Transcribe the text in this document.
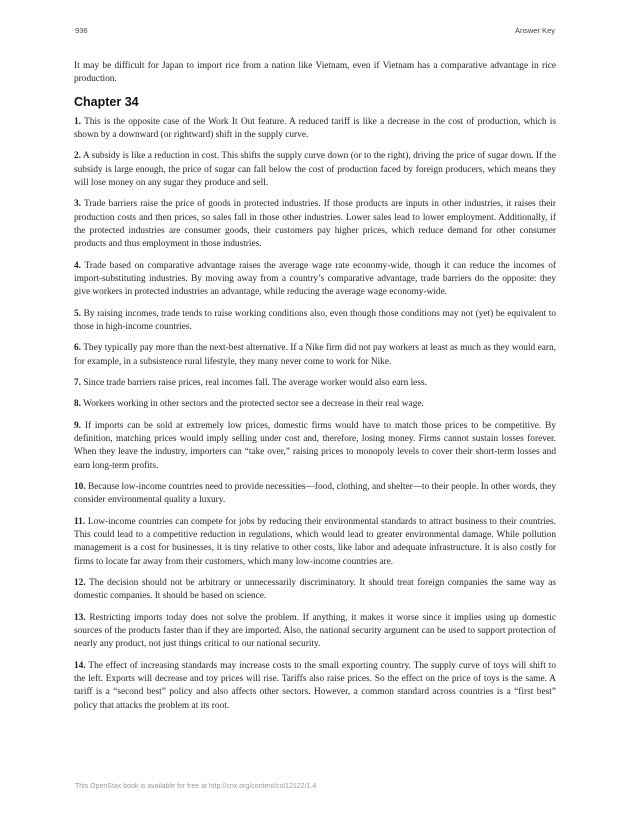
936	Answer Key

It may be difficult for Japan to import rice from a nation like Vietnam, even if Vietnam has a comparative advantage in rice production.

Chapter 34

1. This is the opposite case of the Work It Out feature. A reduced tariff is like a decrease in the cost of production, which is shown by a downward (or rightward) shift in the supply curve.

2. A subsidy is like a reduction in cost. This shifts the supply curve down (or to the right), driving the price of sugar down. If the subsidy is large enough, the price of sugar can fall below the cost of production faced by foreign producers, which means they will lose money on any sugar they produce and sell.

3. Trade barriers raise the price of goods in protected industries. If those products are inputs in other industries, it raises their production costs and then prices, so sales fall in those other industries. Lower sales lead to lower employment. Additionally, if the protected industries are consumer goods, their customers pay higher prices, which reduce demand for other consumer products and thus employment in those industries.

4. Trade based on comparative advantage raises the average wage rate economy-wide, though it can reduce the incomes of import-substituting industries. By moving away from a country’s comparative advantage, trade barriers do the opposite: they give workers in protected industries an advantage, while reducing the average wage economy-wide.

5. By raising incomes, trade tends to raise working conditions also, even though those conditions may not (yet) be equivalent to those in high-income countries.

6. They typically pay more than the next-best alternative. If a Nike firm did not pay workers at least as much as they would earn, for example, in a subsistence rural lifestyle, they many never come to work for Nike.

7. Since trade barriers raise prices, real incomes fall. The average worker would also earn less.

8. Workers working in other sectors and the protected sector see a decrease in their real wage.

9. If imports can be sold at extremely low prices, domestic firms would have to match those prices to be competitive. By definition, matching prices would imply selling under cost and, therefore, losing money. Firms cannot sustain losses forever. When they leave the industry, importers can “take over,” raising prices to monopoly levels to cover their short-term losses and earn long-term profits.

10. Because low-income countries need to provide necessities—food, clothing, and shelter—to their people. In other words, they consider environmental quality a luxury.

11. Low-income countries can compete for jobs by reducing their environmental standards to attract business to their countries. This could lead to a competitive reduction in regulations, which would lead to greater environmental damage. While pollution management is a cost for businesses, it is tiny relative to other costs, like labor and adequate infrastructure. It is also costly for firms to locate far away from their customers, which many low-income countries are.

12. The decision should not be arbitrary or unnecessarily discriminatory. It should treat foreign companies the same way as domestic companies. It should be based on science.

13. Restricting imports today does not solve the problem. If anything, it makes it worse since it implies using up domestic sources of the products faster than if they are imported. Also, the national security argument can be used to support protection of nearly any product, not just things critical to our national security.

14. The effect of increasing standards may increase costs to the small exporting country. The supply curve of toys will shift to the left. Exports will decrease and toy prices will rise. Tariffs also raise prices. So the effect on the price of toys is the same. A tariff is a “second best” policy and also affects other sectors. However, a common standard across countries is a “first best” policy that attacks the problem at its root.

This OpenStax book is available for free at http://cnx.org/content/col12122/1.4
